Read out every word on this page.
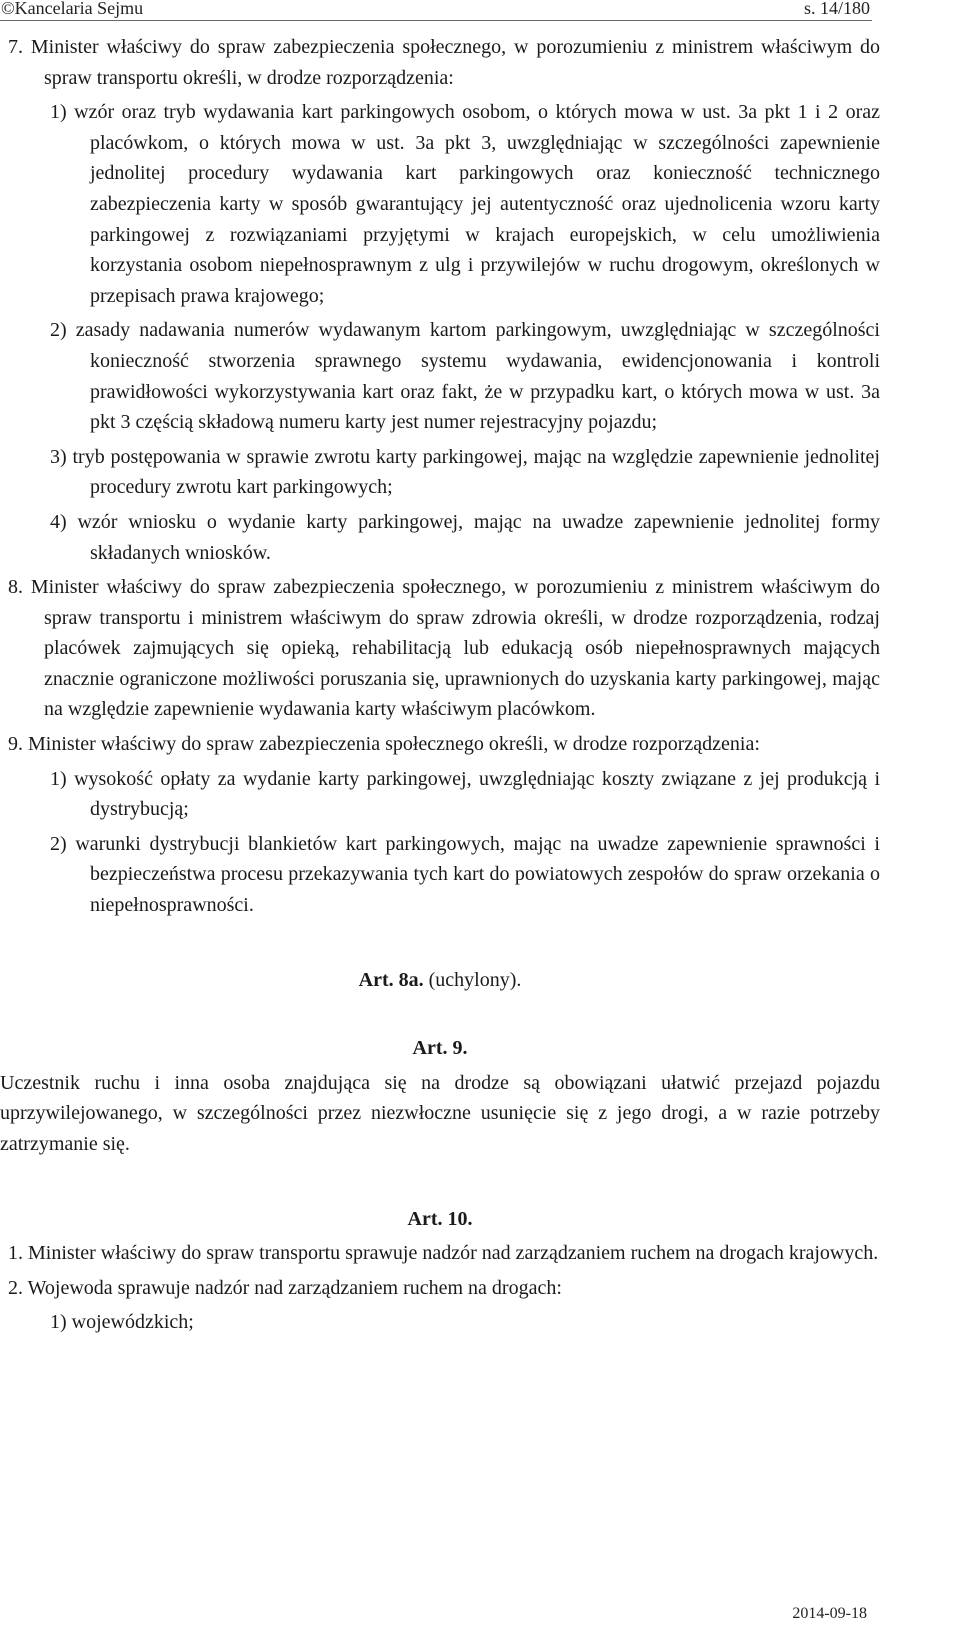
©Kancelaria Sejmu	s. 14/180
7. Minister właściwy do spraw zabezpieczenia społecznego, w porozumieniu z ministrem właściwym do spraw transportu określi, w drodze rozporządzenia:
1) wzór oraz tryb wydawania kart parkingowych osobom, o których mowa w ust. 3a pkt 1 i 2 oraz placówkom, o których mowa w ust. 3a pkt 3, uwzględniając w szczególności zapewnienie jednolitej procedury wydawania kart parkingowych oraz konieczność technicznego zabezpieczenia karty w sposób gwarantujący jej autentyczność oraz ujednolicenia wzoru karty parkingowej z rozwiązaniami przyjętymi w krajach europejskich, w celu umożliwienia korzystania osobom niepełnosprawnym z ulg i przywilejów w ruchu drogowym, określonych w przepisach prawa krajowego;
2) zasady nadawania numerów wydawanym kartom parkingowym, uwzględniając w szczególności konieczność stworzenia sprawnego systemu wydawania, ewidencjonowania i kontroli prawidłowości wykorzystywania kart oraz fakt, że w przypadku kart, o których mowa w ust. 3a pkt 3 częścią składową numeru karty jest numer rejestracyjny pojazdu;
3) tryb postępowania w sprawie zwrotu karty parkingowej, mając na względzie zapewnienie jednolitej procedury zwrotu kart parkingowych;
4) wzór wniosku o wydanie karty parkingowej, mając na uwadze zapewnienie jednolitej formy składanych wniosków.
8. Minister właściwy do spraw zabezpieczenia społecznego, w porozumieniu z ministrem właściwym do spraw transportu i ministrem właściwym do spraw zdrowia określi, w drodze rozporządzenia, rodzaj placówek zajmujących się opieką, rehabilitacją lub edukacją osób niepełnosprawnych mających znacznie ograniczone możliwości poruszania się, uprawnionych do uzyskania karty parkingowej, mając na względzie zapewnienie wydawania karty właściwym placówkom.
9. Minister właściwy do spraw zabezpieczenia społecznego określi, w drodze rozporządzenia:
1) wysokość opłaty za wydanie karty parkingowej, uwzględniając koszty związane z jej produkcją i dystrybucją;
2) warunki dystrybucji blankietów kart parkingowych, mając na uwadze zapewnienie sprawności i bezpieczeństwa procesu przekazywania tych kart do powiatowych zespołów do spraw orzekania o niepełnosprawności.
Art. 8a. (uchylony).
Art. 9.
Uczestnik ruchu i inna osoba znajdująca się na drodze są obowiązani ułatwić przejazd pojazdu uprzywilejowanego, w szczególności przez niezwłoczne usunięcie się z jego drogi, a w razie potrzeby zatrzymanie się.
Art. 10.
1. Minister właściwy do spraw transportu sprawuje nadzór nad zarządzaniem ruchem na drogach krajowych.
2. Wojewoda sprawuje nadzór nad zarządzaniem ruchem na drogach:
1) wojewódzkich;
2014-09-18
